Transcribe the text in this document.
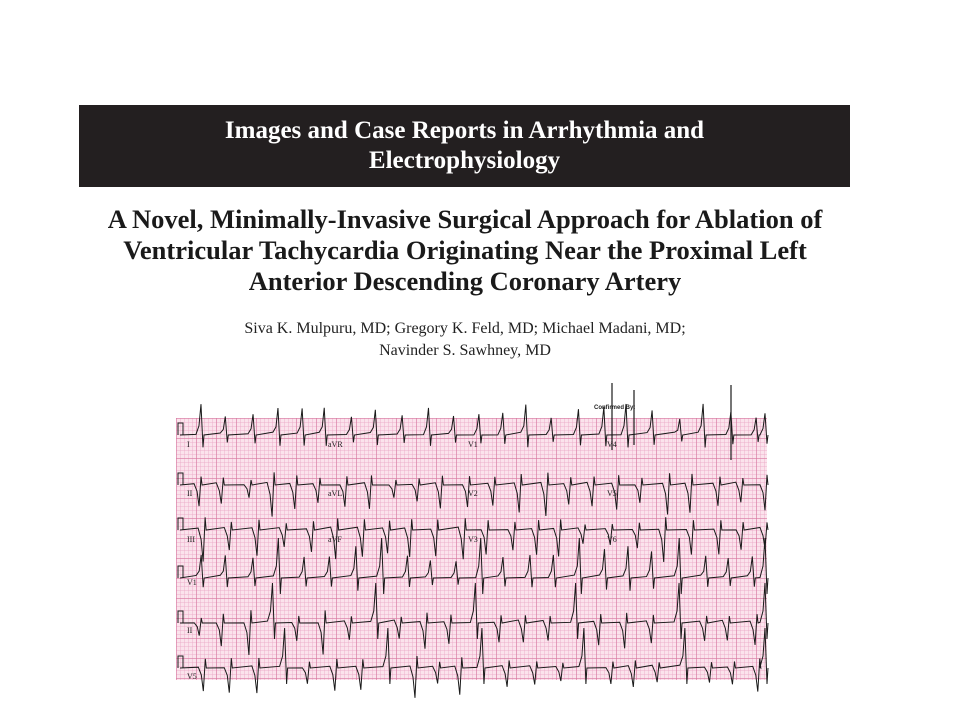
Images and Case Reports in Arrhythmia and Electrophysiology
A Novel, Minimally-Invasive Surgical Approach for Ablation of Ventricular Tachycardia Originating Near the Proximal Left Anterior Descending Coronary Artery
Siva K. Mulpuru, MD; Gregory K. Feld, MD; Michael Madani, MD;
Navinder S. Sawhney, MD
Confirmed By:
I	aVR	V1	V4
II	aVL	V2	V5
III	aVF	V3	V6
V1
II
V5
